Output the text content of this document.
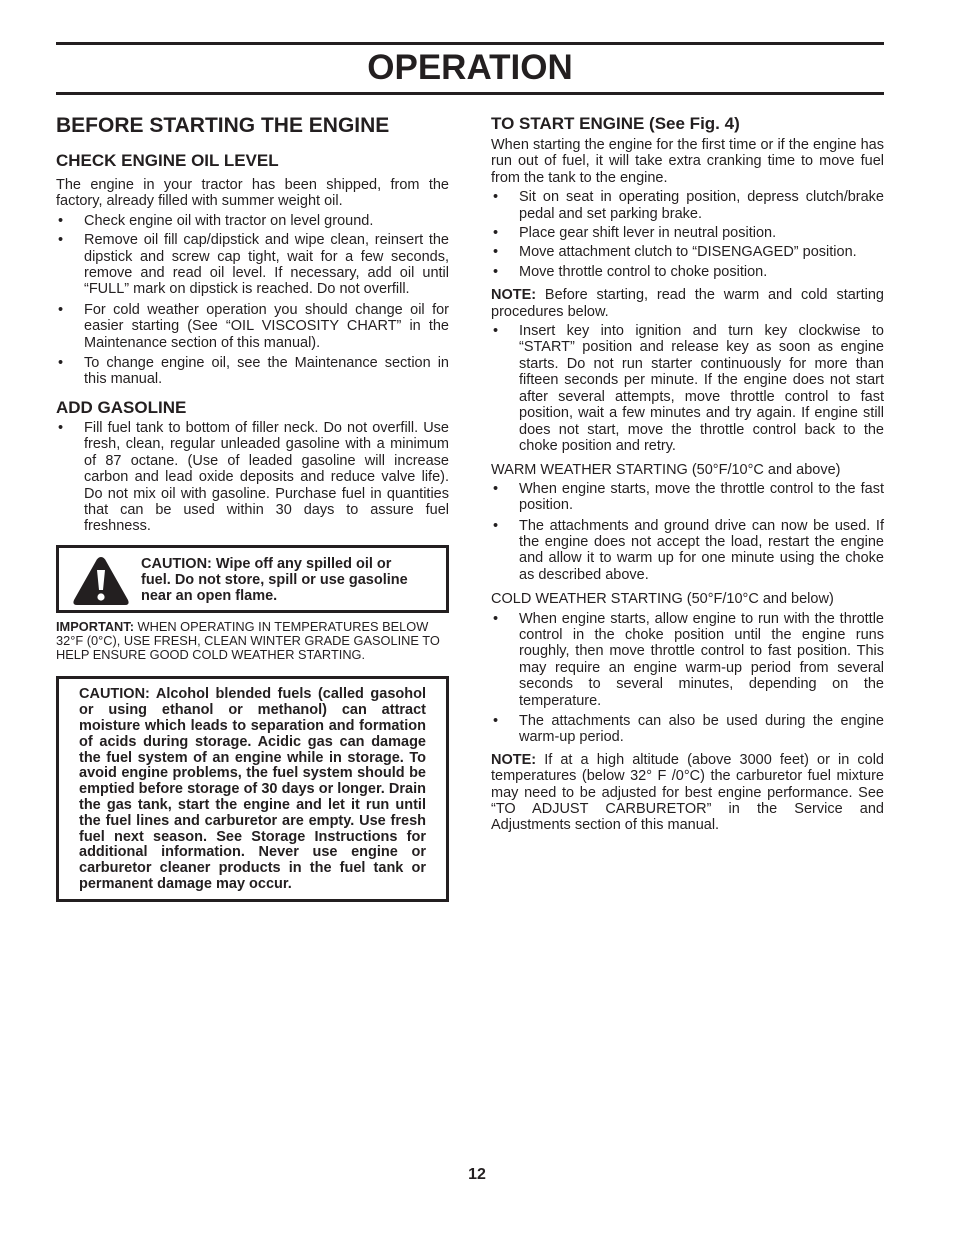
OPERATION
BEFORE STARTING THE ENGINE
CHECK ENGINE OIL LEVEL

The engine in your tractor has been shipped, from the factory, already filled with summer weight oil.

• Check engine oil with tractor on level ground.
• Remove oil fill cap/dipstick and wipe clean, reinsert the dipstick and screw cap tight, wait for a few seconds, remove and read oil level. If necessary, add oil until “FULL” mark on dipstick is reached. Do not overfill.
• For cold weather operation you should change oil for easier starting (See “OIL VISCOSITY CHART” in the Maintenance section of this manual).
• To change engine oil, see the Maintenance section in this manual.
ADD GASOLINE
• Fill fuel tank to bottom of filler neck. Do not overfill. Use fresh, clean, regular unleaded gasoline with a minimum of 87 octane. (Use of leaded gasoline will increase carbon and lead oxide deposits and reduce valve life). Do not mix oil with gasoline. Purchase fuel in quantities that can be used within 30 days to assure fuel freshness.
CAUTION: Wipe off any spilled oil or fuel. Do not store, spill or use gasoline near an open flame.

IMPORTANT: WHEN OPERATING IN TEMPERATURES BELOW 32°F (0°C), USE FRESH, CLEAN WINTER GRADE GASOLINE TO HELP ENSURE GOOD COLD WEATHER STARTING.

CAUTION: Alcohol blended fuels (called gasohol or using ethanol or methanol) can attract moisture which leads to separation and formation of acids during storage. Acidic gas can damage the fuel system of an engine while in storage. To avoid engine problems, the fuel system should be emptied before storage of 30 days or longer. Drain the gas tank, start the engine and let it run until the fuel lines and carburetor are empty. Use fresh fuel next season. See Storage Instructions for additional information. Never use engine or carburetor cleaner products in the fuel tank or permanent damage may occur.
TO START ENGINE (See Fig. 4)

When starting the engine for the first time or if the engine has run out of fuel, it will take extra cranking time to move fuel from the tank to the engine.

• Sit on seat in operating position, depress clutch/brake pedal and set parking brake.
• Place gear shift lever in neutral position.
• Move attachment clutch to “DISENGAGED” position.
• Move throttle control to choke position.

NOTE: Before starting, read the warm and cold starting procedures below.

• Insert key into ignition and turn key clockwise to “START” position and release key as soon as engine starts. Do not run starter continuously for more than fifteen seconds per minute. If the engine does not start after several attempts, move throttle control to fast position, wait a few minutes and try again. If engine still does not start, move the throttle control back to the choke position and retry.

WARM WEATHER STARTING (50°F/10°C and above)

• When engine starts, move the throttle control to the fast position.
• The attachments and ground drive can now be used. If the engine does not accept the load, restart the engine and allow it to warm up for one minute using the choke as described above.

COLD WEATHER STARTING (50°F/10°C and below)

• When engine starts, allow engine to run with the throttle control in the choke position until the engine runs roughly, then move throttle control to fast position. This may require an engine warm-up period from several seconds to several minutes, depending on the temperature.
• The attachments can also be used during the engine warm-up period.

NOTE: If at a high altitude (above 3000 feet) or in cold temperatures (below 32° F /0°C) the carburetor fuel mixture may need to be adjusted for best engine performance. See “TO ADJUST CARBURETOR” in the Service and Adjustments section of this manual.

12
